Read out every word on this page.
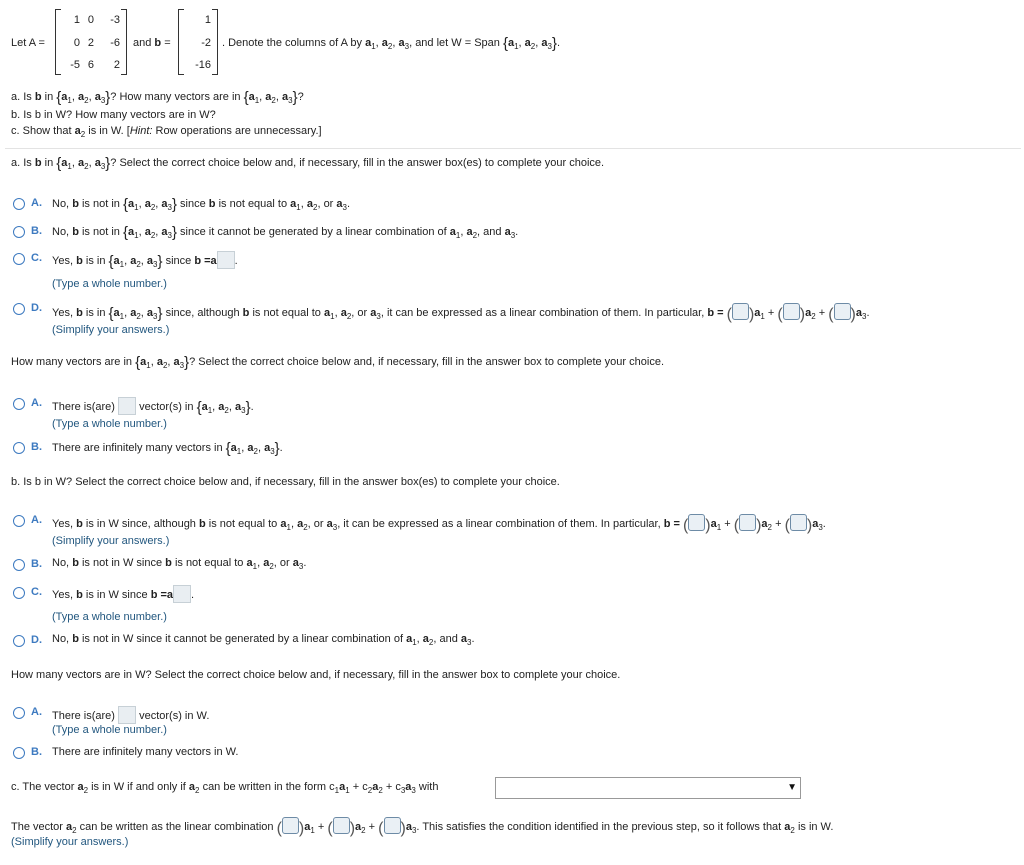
Let A =
1 0	-3
0 2	-6
-5 6	2
and b =
1
-2
-16
. Denote the columns of A by $a_1$, $a_2$, $a_3$, and let W = Span {$a_1$, $a_2$, $a_3$}.
a. Is b in {$a_1$, $a_2$, $a_3$}? How many vectors are in {$a_1$, $a_2$, $a_3$}?
b. Is b in W? How many vectors are in W?
c. Show that $a_2$ is in W. [Hint: Row operations are unnecessary.]
a. Is b in {$a_1$, $a_2$, $a_3$}? Select the correct choice below and, if necessary, fill in the answer box(es) to complete your choice.
A. No, b is not in {$a_1$, $a_2$, $a_3$} since b is not equal to $a_1$, $a_2$, or $a_3$.
B. No, b is not in {$a_1$, $a_2$, $a_3$} since it cannot be generated by a linear combination of $a_1$, $a_2$, and $a_3$.
C. Yes, b is in {$a_1$, $a_2$, $a_3$} since b =a .
(Type a whole number.)
D. Yes, b is in {$a_1$, $a_2$, $a_3$} since, although b is not equal to $a_1$, $a_2$, or $a_3$, it can be expressed as a linear combination of them. In particular, b = ( )$a_1$ + ( )$a_2$ + ( )$a_3$.
(Simplify your answers.)
How many vectors are in {$a_1$, $a_2$, $a_3$}? Select the correct choice below and, if necessary, fill in the answer box to complete your choice.
A. There is(are) vector(s) in {$a_1$, $a_2$, $a_3$}.
(Type a whole number.)
B. There are infinitely many vectors in {$a_1$, $a_2$, $a_3$}.
b. Is b in W? Select the correct choice below and, if necessary, fill in the answer box(es) to complete your choice.
A. Yes, b is in W since, although b is not equal to $a_1$, $a_2$, or $a_3$, it can be expressed as a linear combination of them. In particular, b = ( )$a_1$ + ( )$a_2$ + ( )$a_3$.
(Simplify your answers.)
B. No, b is not in W since b is not equal to $a_1$, $a_2$, or $a_3$.
C. Yes, b is in W since b =a .
(Type a whole number.)
D. No, b is not in W since it cannot be generated by a linear combination of $a_1$, $a_2$, and $a_3$.
How many vectors are in W? Select the correct choice below and, if necessary, fill in the answer box to complete your choice.
A. There is(are) vector(s) in W.
(Type a whole number.)
B. There are infinitely many vectors in W.
c. The vector $a_2$ is in W if and only if $a_2$ can be written in the form $c_1a_1 + c_2a_2 + c_3a_3$ with	▼
The vector $a_2$ can be written as the linear combination ( )$a_1$ + ( )$a_2$ + ( )$a_3$. This satisfies the condition identified in the previous step, so it follows that $a_2$ is in W.
(Simplify your answers.)
